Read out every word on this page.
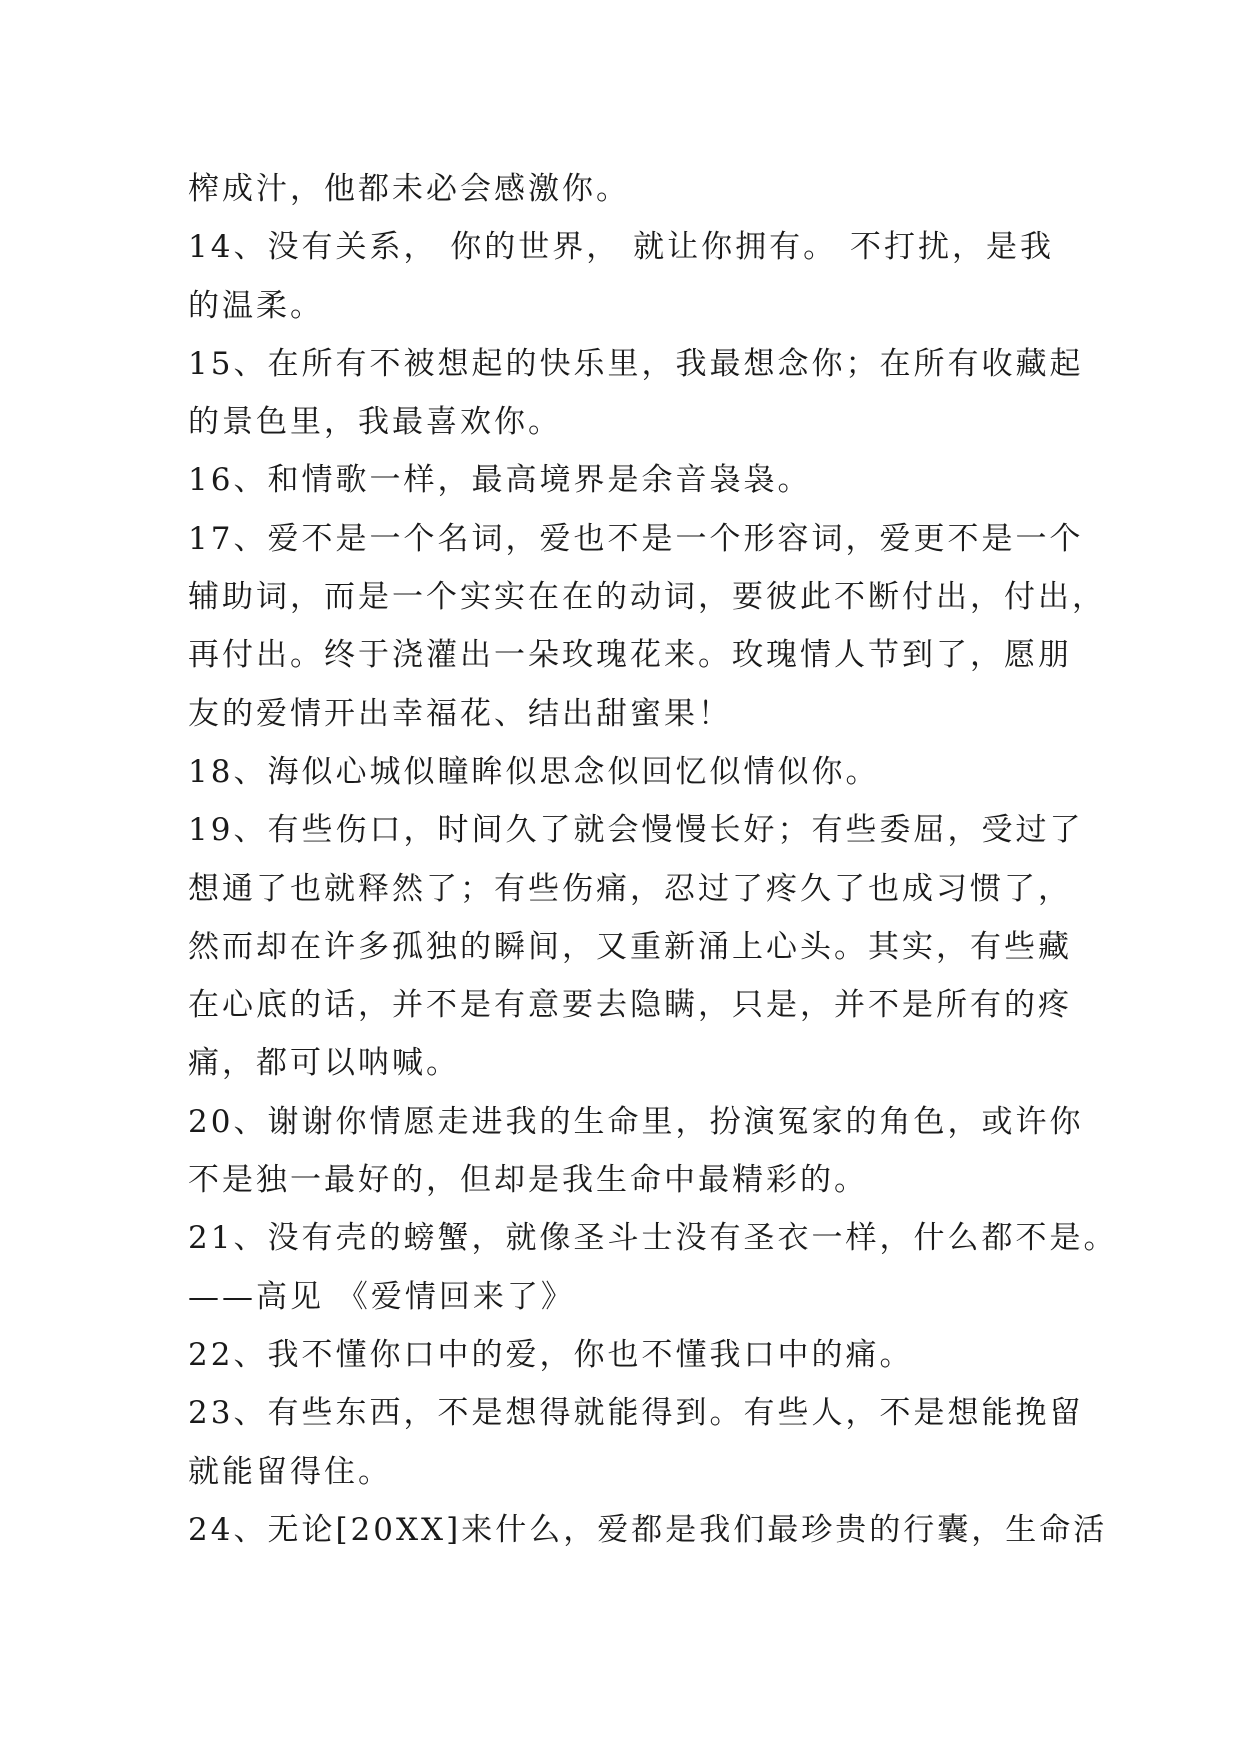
榨成汁，他都未必会感激你。
14、没有关系， 你的世界， 就让你拥有。 不打扰，是我
的温柔。
15、在所有不被想起的快乐里，我最想念你；在所有收藏起
的景色里，我最喜欢你。
16、和情歌一样，最高境界是余音袅袅。
17、爱不是一个名词，爱也不是一个形容词，爱更不是一个
辅助词，而是一个实实在在的动词，要彼此不断付出，付出，
再付出。终于浇灌出一朵玫瑰花来。玫瑰情人节到了，愿朋
友的爱情开出幸福花、结出甜蜜果！
18、海似心城似瞳眸似思念似回忆似情似你。
19、有些伤口，时间久了就会慢慢长好；有些委屈，受过了
想通了也就释然了；有些伤痛，忍过了疼久了也成习惯了，
然而却在许多孤独的瞬间，又重新涌上心头。其实，有些藏
在心底的话，并不是有意要去隐瞒，只是，并不是所有的疼
痛，都可以呐喊。
20、谢谢你情愿走进我的生命里，扮演冤家的角色，或许你
不是独一最好的，但却是我生命中最精彩的。
21、没有壳的螃蟹，就像圣斗士没有圣衣一样，什么都不是。
——高见 《爱情回来了》
22、我不懂你口中的爱，你也不懂我口中的痛。
23、有些东西，不是想得就能得到。有些人，不是想能挽留
就能留得住。
24、无论[20XX]来什么，爱都是我们最珍贵的行囊，生命活
